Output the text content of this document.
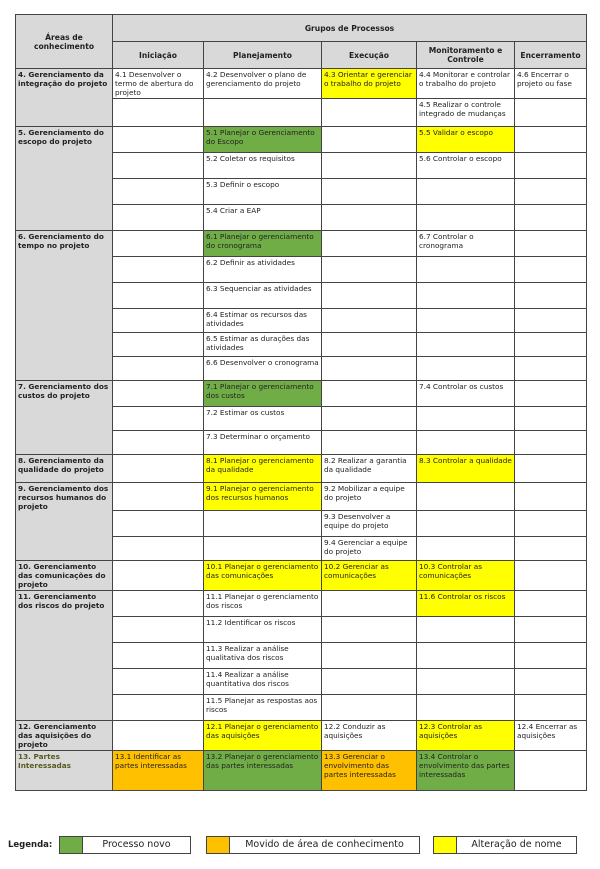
Áreas de conhecimento	Grupos de Processos				
	Iniciação	Planejamento	Execução	Monitoramento e Controle	Encerramento
4. Gerenciamento da integração do projeto	4.1 Desenvolver o termo de abertura do projeto	4.2 Desenvolver o plano de gerenciamento do projeto	4.3 Orientar e gerenciar o trabalho do projeto	4.4 Monitorar e controlar o trabalho do projeto	4.6 Encerrar o projeto ou fase
				4.5 Realizar o controle integrado de mudanças	
5. Gerenciamento do escopo do projeto		5.1 Planejar o Gerenciamento do Escopo		5.5 Validar o escopo	
		5.2 Coletar os requisitos		5.6 Controlar o escopo	
		5.3 Definir o escopo			
		5.4 Criar a EAP			
6. Gerenciamento do tempo no projeto		6.1 Planejar o gerenciamento do cronograma		6.7 Controlar o cronograma	
		6.2 Definir as atividades			
		6.3 Sequenciar as atividades			
		6.4 Estimar os recursos das atividades			
		6.5 Estimar as durações das atividades			
		6.6 Desenvolver o cronograma			
7. Gerenciamento dos custos do projeto		7.1 Planejar o gerenciamento dos custos		7.4 Controlar os custos	
		7.2 Estimar os custos			
		7.3 Determinar o orçamento			
8. Gerenciamento da qualidade do projeto		8.1 Planejar o gerenciamento da qualidade	8.2 Realizar a garantia da qualidade	8.3 Controlar a qualidade	
9. Gerenciamento dos recursos humanos do projeto		9.1 Planejar o gerenciamento dos recursos humanos	9.2 Mobilizar a equipe do projeto		
			9.3 Desenvolver a equipe do projeto		
			9.4 Gerenciar a equipe do projeto		
10. Gerenciamento das comunicações do projeto		10.1 Planejar o gerenciamento das comunicações	10.2 Gerenciar as comunicações	10.3 Controlar as comunicações	
11. Gerenciamento dos riscos do projeto		11.1 Planejar o gerenciamento dos riscos		11.6 Controlar os riscos	
		11.2 Identificar os riscos			
		11.3 Realizar a análise qualitativa dos riscos			
		11.4 Realizar a análise quantitativa dos riscos			
		11.5 Planejar as respostas aos riscos			
12. Gerenciamento das aquisições do projeto		12.1 Planejar o gerenciamento das aquisições	12.2 Conduzir as aquisições	12.3 Controlar as aquisições	12.4 Encerrar as aquisições
13. Partes Interessadas	13.1 Identificar as partes interessadas	13.2 Planejar o gerenciamento das partes interessadas	13.3 Gerenciar o envolvimento das partes interessadas	13.4 Controlar o envolvimento das partes interessadas	
Legenda:	Processo novo	Movido de área de conhecimento	Alteração de nome
